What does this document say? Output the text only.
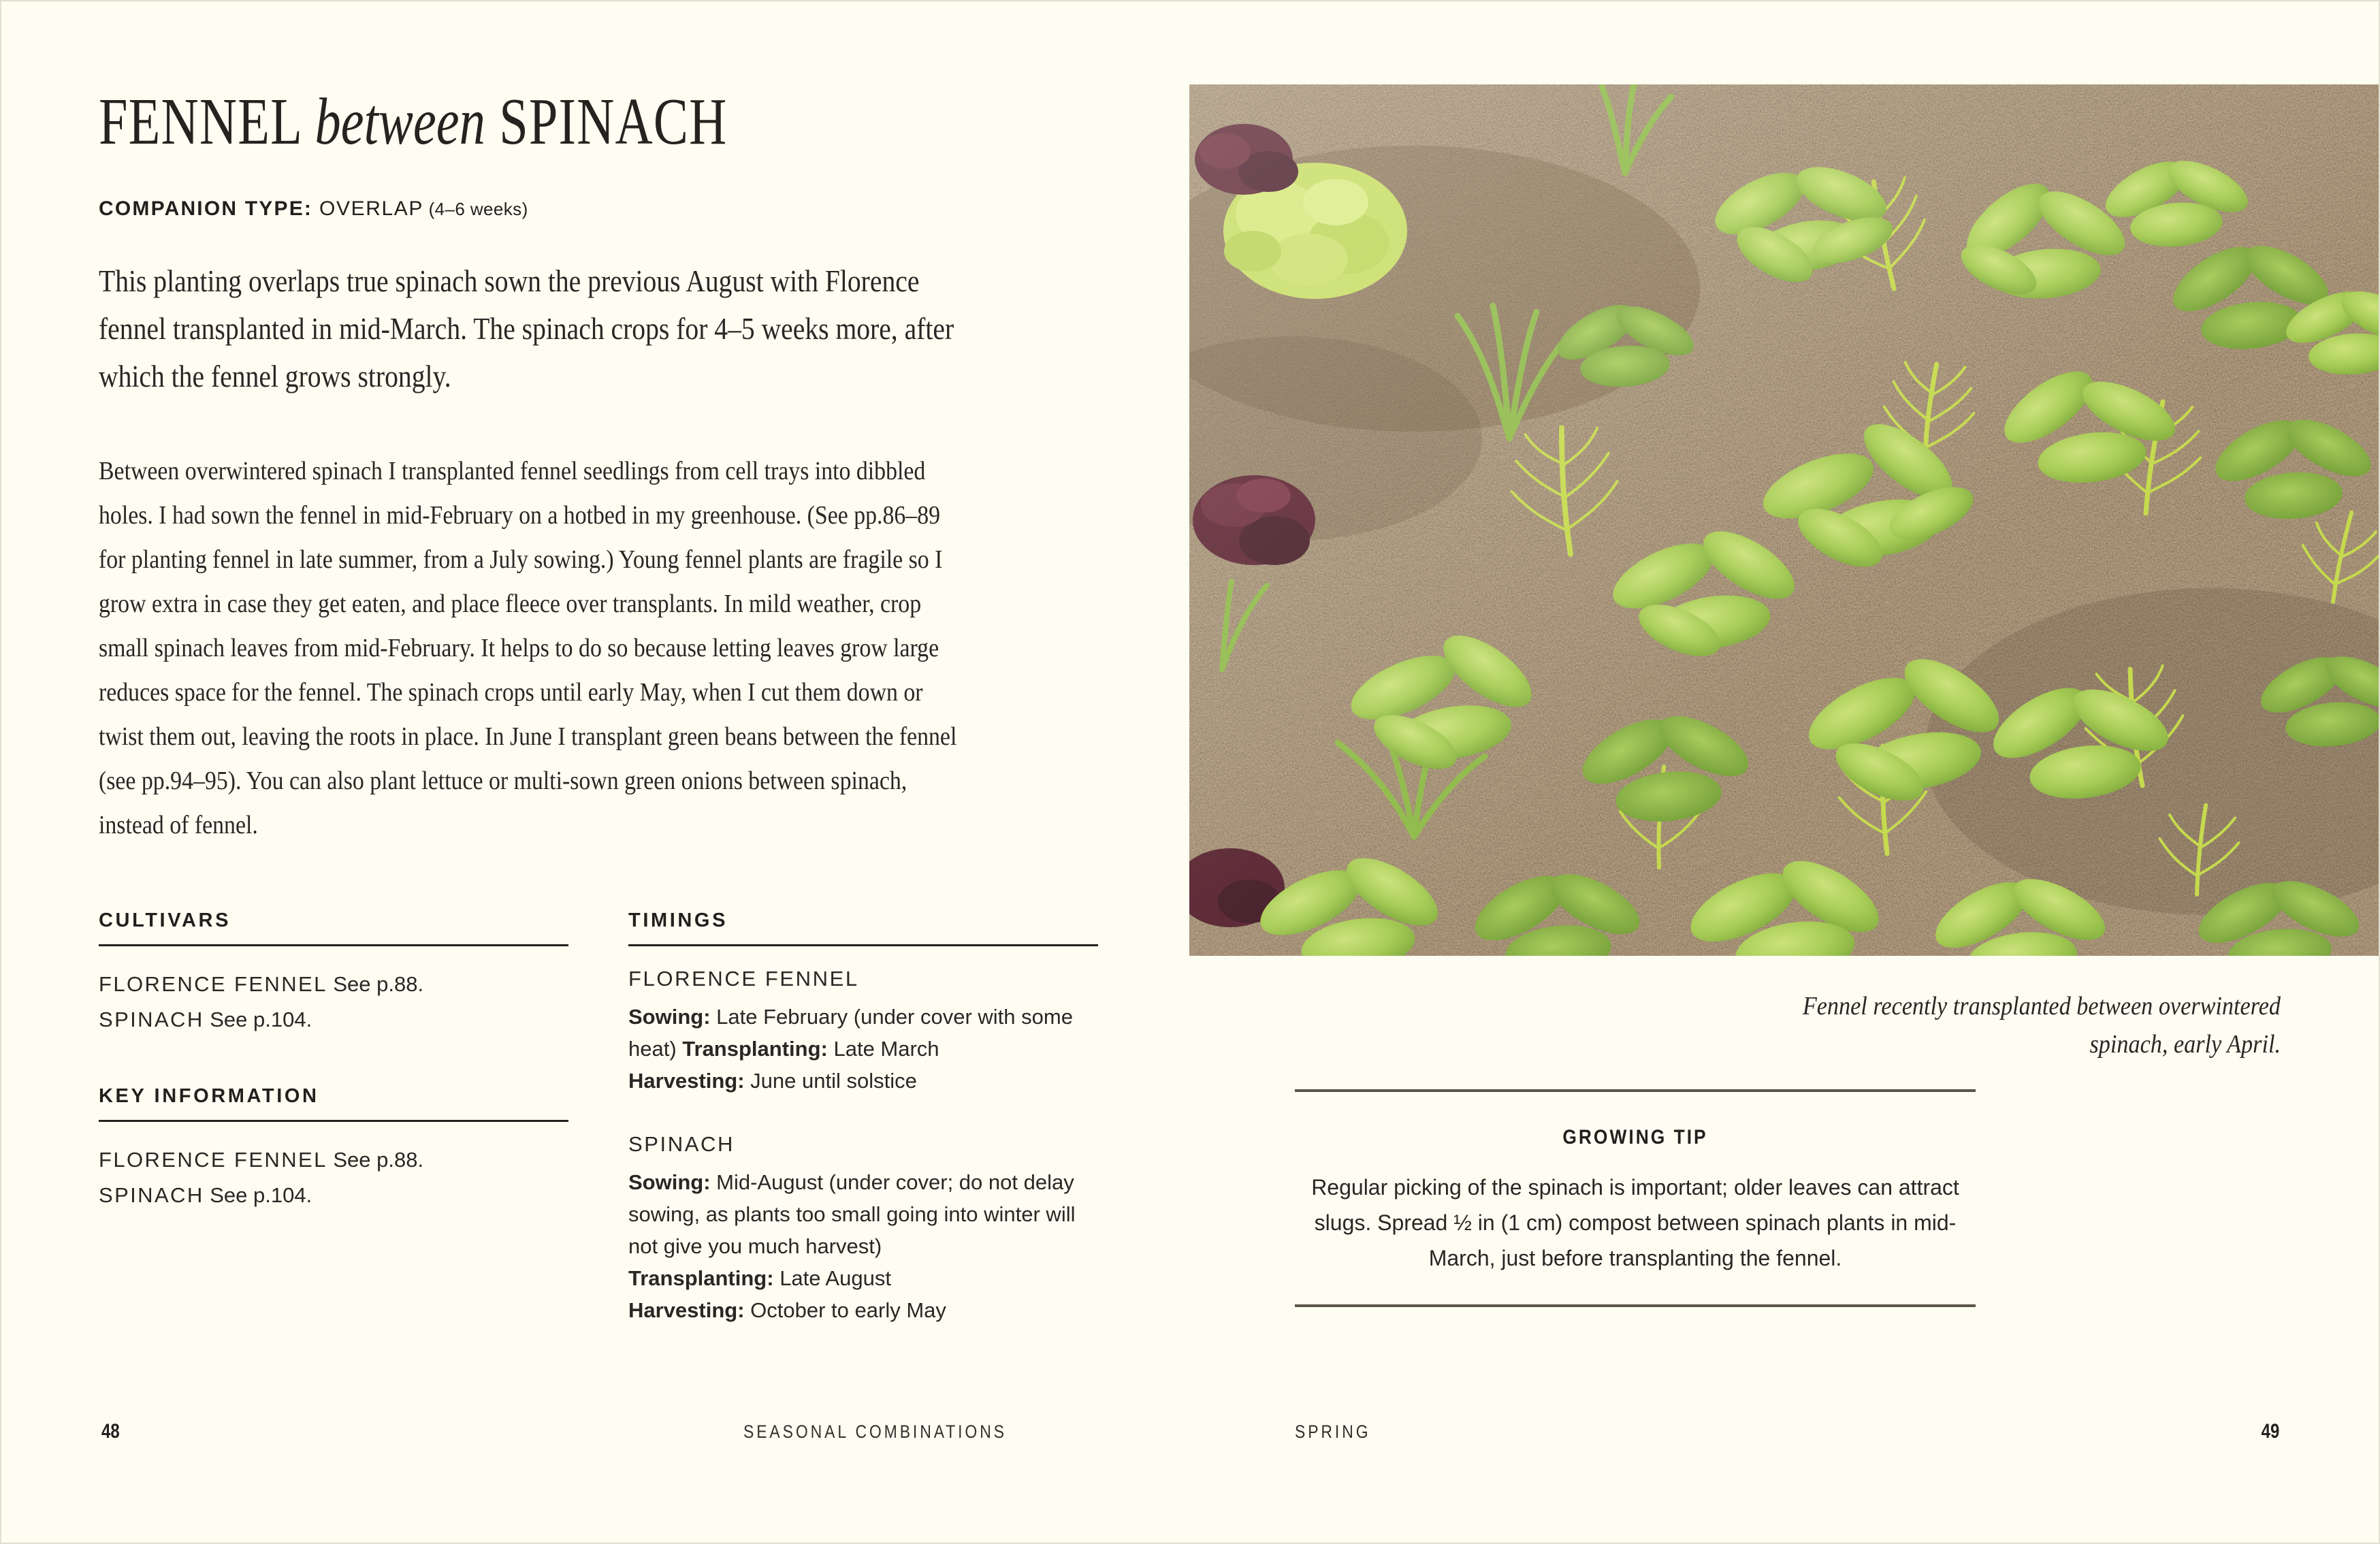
FENNEL between SPINACH
COMPANION TYPE: OVERLAP (4–6 weeks)
This planting overlaps true spinach sown the previous August with Florence fennel transplanted in mid-March. The spinach crops for 4–5 weeks more, after which the fennel grows strongly.
Between overwintered spinach I transplanted fennel seedlings from cell trays into dibbled holes. I had sown the fennel in mid-February on a hotbed in my greenhouse. (See pp.86–89 for planting fennel in late summer, from a July sowing.) Young fennel plants are fragile so I grow extra in case they get eaten, and place fleece over transplants. In mild weather, crop small spinach leaves from mid-February. It helps to do so because letting leaves grow large reduces space for the fennel. The spinach crops until early May, when I cut them down or twist them out, leaving the roots in place. In June I transplant green beans between the fennel (see pp.94–95). You can also plant lettuce or multi-sown green onions between spinach, instead of fennel.
CULTIVARS
FLORENCE FENNEL See p.88.
SPINACH See p.104.
KEY INFORMATION
FLORENCE FENNEL See p.88.
SPINACH See p.104.
TIMINGS
FLORENCE FENNEL
Sowing: Late February (under cover with some heat) Transplanting: Late March
Harvesting: June until solstice
SPINACH
Sowing: Mid-August (under cover; do not delay sowing, as plants too small going into winter will not give you much harvest)
Transplanting: Late August
Harvesting: October to early May
48	SEASONAL COMBINATIONS
Fennel recently transplanted between overwintered spinach, early April.
GROWING TIP
Regular picking of the spinach is important; older leaves can attract slugs. Spread ½ in (1 cm) compost between spinach plants in mid-March, just before transplanting the fennel.
SPRING	49
